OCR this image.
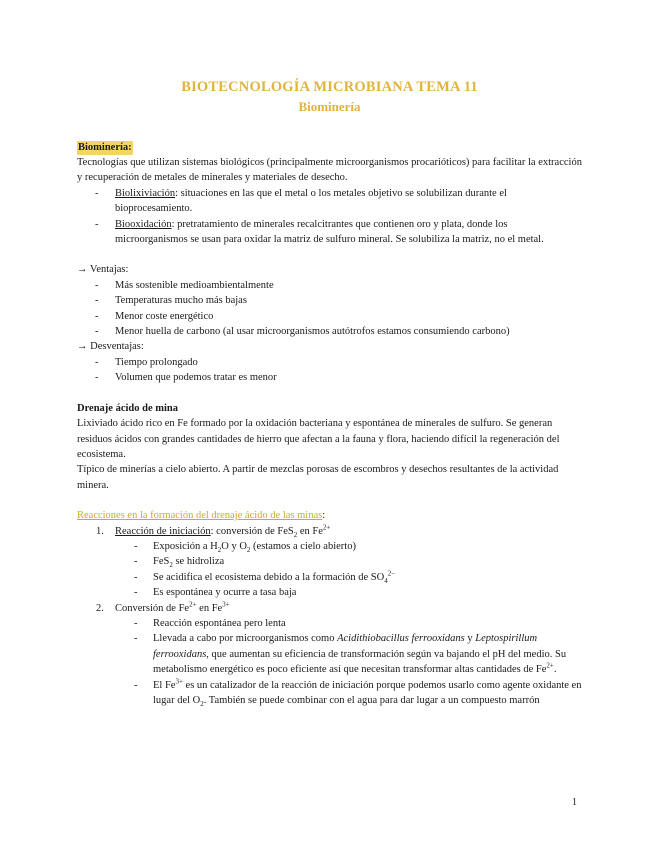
BIOTECNOLOGÍA MICROBIANA TEMA 11
Biominería
Biominería:

Tecnologías que utilizan sistemas biológicos (principalmente microorganismos procarióticos) para facilitar la extracción y recuperación de metales de minerales y materiales de desecho.

- Biolixiviación: situaciones en las que el metal o los metales objetivo se solubilizan durante el bioprocesamiento.
- Biooxidación: pretratamiento de minerales recalcitrantes que contienen oro y plata, donde los microorganismos se usan para oxidar la matriz de sulfuro mineral. Se solubiliza la matriz, no el metal.
→ Ventajas:
- Más sostenible medioambientalmente
- Temperaturas mucho más bajas
- Menor coste energético
- Menor huella de carbono (al usar microorganismos autótrofos estamos consumiendo carbono)
→ Desventajas:
- Tiempo prolongado
- Volumen que podemos tratar es menor
Drenaje ácido de mina

Lixiviado ácido rico en Fe formado por la oxidación bacteriana y espontánea de minerales de sulfuro. Se generan residuos ácidos con grandes cantidades de hierro que afectan a la fauna y flora, haciendo difícil la regeneración del ecosistema.

Típico de minerías a cielo abierto. A partir de mezclas porosas de escombros y desechos resultantes de la actividad minera.

Reacciones en la formación del drenaje ácido de las minas:
1. Reacción de iniciación: conversión de FeS$_2$ en $Fe^{2+}$
- Exposición a $H_2O$ y $O_2$ (estamos a cielo abierto)
- FeS$_2$ se hidroliza
- Se acidifica el ecosistema debido a la formación de $SO_4^{2-}$
- Es espontánea y ocurre a tasa baja
2. Conversión de $Fe^{2+}$ en $Fe^{3+}$
- Reacción espontánea pero lenta
- Llevada a cabo por microorganismos como Acidithiobacillus ferrooxidans y Leptospirillum ferrooxidans, que aumentan su eficiencia de transformación según va bajando el pH del medio. Su metabolismo energético es poco eficiente así que necesitan transformar altas cantidades de $Fe^{2+}$.
- El $Fe^{3+}$ es un catalizador de la reacción de iniciación porque podemos usarlo como agente oxidante en lugar del $O_2$. También se puede combinar con el agua para dar lugar a un compuesto marrón
1
